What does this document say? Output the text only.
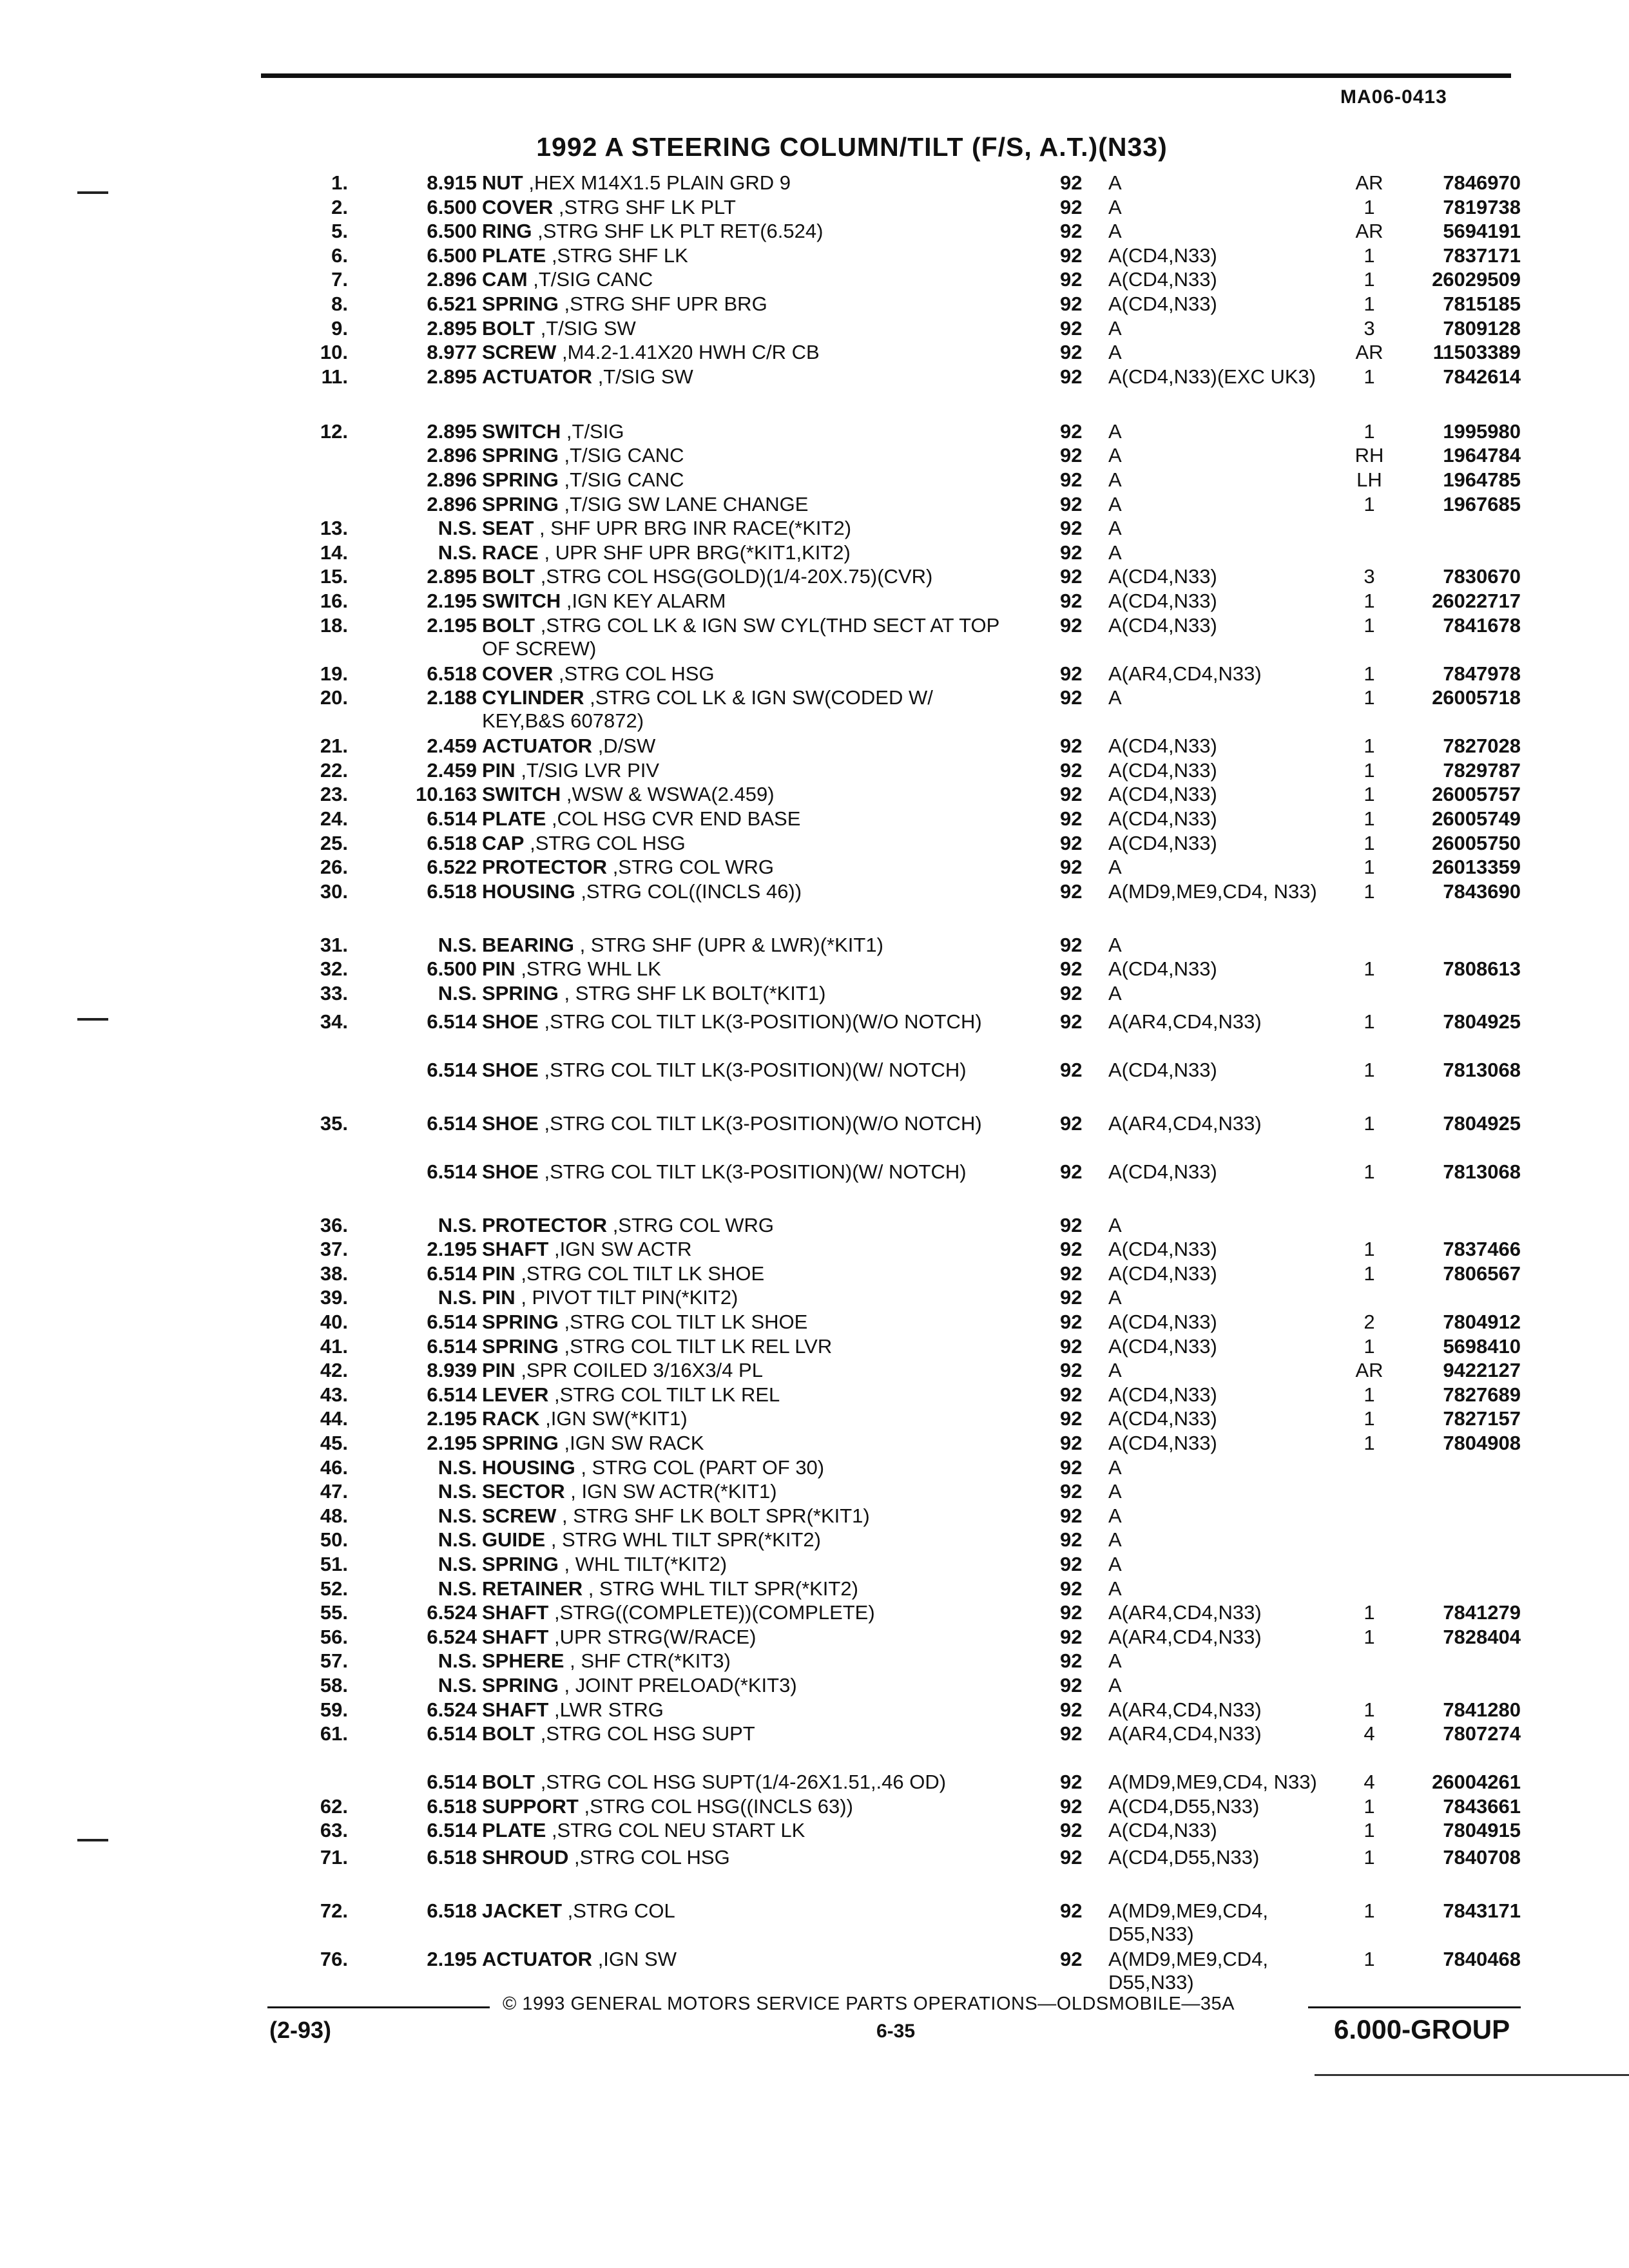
MA06-0413
1992 A STEERING COLUMN/TILT (F/S, A.T.)(N33)
1.	8.915 NUT ,HEX M14X1.5 PLAIN GRD 9	92	A	AR	7846970
2.	6.500 COVER ,STRG SHF LK PLT	92	A	1	7819738
5.	6.500 RING ,STRG SHF LK PLT RET(6.524)	92	A	AR	5694191
6.	6.500 PLATE ,STRG SHF LK	92	A(CD4,N33)	1	7837171
7.	2.896 CAM ,T/SIG CANC	92	A(CD4,N33)	1	26029509
8.	6.521 SPRING ,STRG SHF UPR BRG	92	A(CD4,N33)	1	7815185
9.	2.895 BOLT ,T/SIG SW	92	A	3	7809128
10.	8.977 SCREW ,M4.2-1.41X20 HWH C/R CB	92	A	AR	11503389
11.	2.895 ACTUATOR ,T/SIG SW	92	A(CD4,N33)(EXC UK3)	1	7842614
12.	2.895 SWITCH ,T/SIG	92	A	1	1995980
2.896 SPRING ,T/SIG CANC	92	A	RH	1964784
2.896 SPRING ,T/SIG CANC	92	A	LH	1964785
2.896 SPRING ,T/SIG SW LANE CHANGE	92	A	1	1967685
13.	N.S. SEAT , SHF UPR BRG INR RACE(*KIT2)	92	A
14.	N.S. RACE , UPR SHF UPR BRG(*KIT1,KIT2)	92	A
15.	2.895 BOLT ,STRG COL HSG(GOLD)(1/4-20X.75)(CVR)	92	A(CD4,N33)	3	7830670
16.	2.195 SWITCH ,IGN KEY ALARM	92	A(CD4,N33)	1	26022717
18.	2.195 BOLT ,STRG COL LK & IGN SW CYL(THD SECT AT TOP OF SCREW)
92	A(CD4,N33)	1	7841678
19.	6.518 COVER ,STRG COL HSG	92	A(AR4,CD4,N33)	1	7847978
20.	2.188 CYLINDER ,STRG COL LK & IGN SW(CODED W/ KEY,B&S 607872)
92	A	1	26005718
21.	2.459 ACTUATOR ,D/SW	92	A(CD4,N33)	1	7827028
22.	2.459 PIN ,T/SIG LVR PIV	92	A(CD4,N33)	1	7829787
23.	10.163 SWITCH ,WSW & WSWA(2.459)	92	A(CD4,N33)	1	26005757
24.	6.514 PLATE ,COL HSG CVR END BASE	92	A(CD4,N33)	1	26005749
25.	6.518 CAP ,STRG COL HSG	92	A(CD4,N33)	1	26005750
26.	6.522 PROTECTOR ,STRG COL WRG	92	A	1	26013359
30.	6.518 HOUSING ,STRG COL((INCLS 46))	92	A(MD9,ME9,CD4, N33)	1	7843690
31.	N.S. BEARING , STRG SHF (UPR & LWR)(*KIT1)	92	A
32.	6.500 PIN ,STRG WHL LK	92	A(CD4,N33)	1	7808613
33.	N.S. SPRING , STRG SHF LK BOLT(*KIT1)	92	A
34.	6.514 SHOE ,STRG COL TILT LK(3-POSITION)(W/O NOTCH)	92	A(AR4,CD4,N33)	1	7804925
6.514 SHOE ,STRG COL TILT LK(3-POSITION)(W/ NOTCH)	92	A(CD4,N33)	1	7813068
35.	6.514 SHOE ,STRG COL TILT LK(3-POSITION)(W/O NOTCH)	92	A(AR4,CD4,N33)	1	7804925
6.514 SHOE ,STRG COL TILT LK(3-POSITION)(W/ NOTCH)	92	A(CD4,N33)	1	7813068
36.	N.S. PROTECTOR ,STRG COL WRG	92	A
37.	2.195 SHAFT ,IGN SW ACTR	92	A(CD4,N33)	1	7837466
38.	6.514 PIN ,STRG COL TILT LK SHOE	92	A(CD4,N33)	1	7806567
39.	N.S. PIN , PIVOT TILT PIN(*KIT2)	92	A
40.	6.514 SPRING ,STRG COL TILT LK SHOE	92	A(CD4,N33)	2	7804912
41.	6.514 SPRING ,STRG COL TILT LK REL LVR	92	A(CD4,N33)	1	5698410
42.	8.939 PIN ,SPR COILED 3/16X3/4 PL	92	A	AR	9422127
43.	6.514 LEVER ,STRG COL TILT LK REL	92	A(CD4,N33)	1	7827689
44.	2.195 RACK ,IGN SW(*KIT1)	92	A(CD4,N33)	1	7827157
45.	2.195 SPRING ,IGN SW RACK	92	A(CD4,N33)	1	7804908
46.	N.S. HOUSING , STRG COL (PART OF 30)	92	A
47.	N.S. SECTOR , IGN SW ACTR(*KIT1)	92	A
48.	N.S. SCREW , STRG SHF LK BOLT SPR(*KIT1)	92	A
50.	N.S. GUIDE , STRG WHL TILT SPR(*KIT2)	92	A
51.	N.S. SPRING , WHL TILT(*KIT2)	92	A
52.	N.S. RETAINER , STRG WHL TILT SPR(*KIT2)	92	A
55.	6.524 SHAFT ,STRG((COMPLETE))(COMPLETE)	92	A(AR4,CD4,N33)	1	7841279
56.	6.524 SHAFT ,UPR STRG(W/RACE)	92	A(AR4,CD4,N33)	1	7828404
57.	N.S. SPHERE , SHF CTR(*KIT3)	92	A
58.	N.S. SPRING , JOINT PRELOAD(*KIT3)	92	A
59.	6.524 SHAFT ,LWR STRG	92	A(AR4,CD4,N33)	1	7841280
61.	6.514 BOLT ,STRG COL HSG SUPT	92	A(AR4,CD4,N33)	4	7807274
6.514 BOLT ,STRG COL HSG SUPT(1/4-26X1.51,.46 OD)	92	A(MD9,ME9,CD4, N33)	4	26004261
62.	6.518 SUPPORT ,STRG COL HSG((INCLS 63))	92	A(CD4,D55,N33)	1	7843661
63.	6.514 PLATE ,STRG COL NEU START LK	92	A(CD4,N33)	1	7804915
71.	6.518 SHROUD ,STRG COL HSG	92	A(CD4,D55,N33)	1	7840708
72.	6.518 JACKET ,STRG COL	92	A(MD9,ME9,CD4, D55,N33)
1	7843171
76.	2.195 ACTUATOR ,IGN SW	92	A(MD9,ME9,CD4, D55,N33)
1	7840468
© 1993 GENERAL MOTORS SERVICE PARTS OPERATIONS—OLDSMOBILE—35A
(2-93)	6-35	6.000-GROUP
